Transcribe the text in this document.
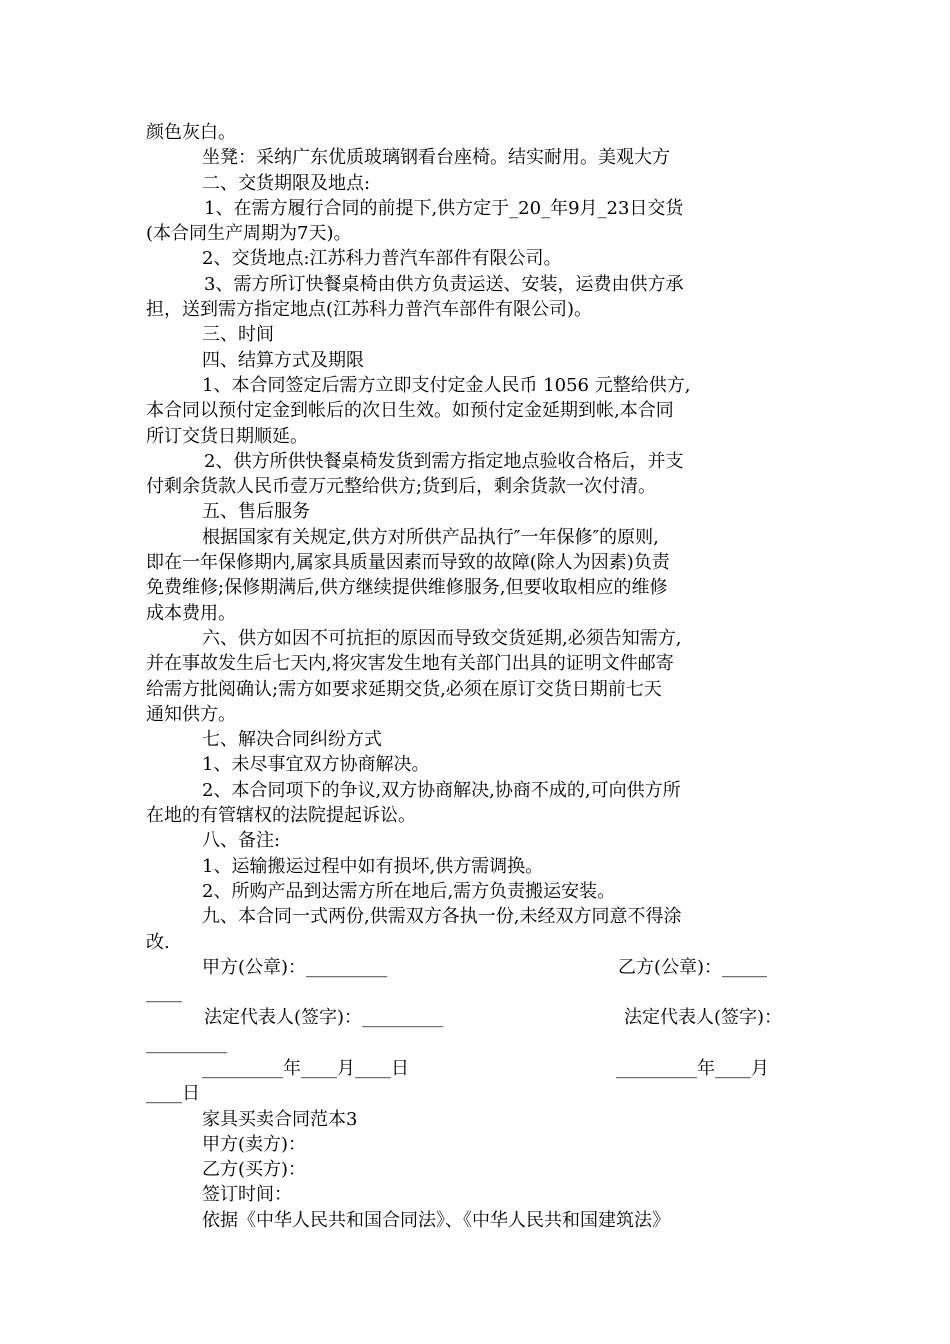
颜色灰白。
坐凳：采纳广东优质玻璃钢看台座椅。结实耐用。美观大方
二、交货期限及地点:
1、在需方履行合同的前提下,供方定于_20_年9月_23日交货
(本合同生产周期为7天)。
2、交货地点:江苏科力普汽车部件有限公司。
3、需方所订快餐桌椅由供方负责运送、安装，运费由供方承
担，送到需方指定地点(江苏科力普汽车部件有限公司)。
三、时间
四、结算方式及期限
1、本合同签定后需方立即支付定金人民币 1056 元整给供方,
本合同以预付定金到帐后的次日生效。如预付定金延期到帐,本合同
所订交货日期顺延。
2、供方所供快餐桌椅发货到需方指定地点验收合格后，并支
付剩余货款人民币壹万元整给供方;货到后，剩余货款一次付清。
五、售后服务
根据国家有关规定,供方对所供产品执行″一年保修″的原则,
即在一年保修期内,属家具质量因素而导致的故障(除人为因素)负责
免费维修;保修期满后,供方继续提供维修服务,但要收取相应的维修
成本费用。
六、供方如因不可抗拒的原因而导致交货延期,必须告知需方,
并在事故发生后七天内,将灾害发生地有关部门出具的证明文件邮寄
给需方批阅确认;需方如要求延期交货,必须在原订交货日期前七天
通知供方。
七、解决合同纠纷方式
1、未尽事宜双方协商解决。
2、本合同项下的争议,双方协商解决,协商不成的,可向供方所
在地的有管辖权的法院提起诉讼。
八、备注:
1、运输搬运过程中如有损坏,供方需调换。
2、所购产品到达需方所在地后,需方负责搬运安装。
九、本合同一式两份,供需双方各执一份,未经双方同意不得涂
改.
甲方(公章)：_________	乙方(公章)：_____
____
法定代表人(签字)：_________	法定代表人(签字)：
_________
_________年____月____日	_________年____月
____日
家具买卖合同范本3
甲方(卖方)：
乙方(买方)：
签订时间：
依据《中华人民共和国合同法》、《中华人民共和国建筑法》
